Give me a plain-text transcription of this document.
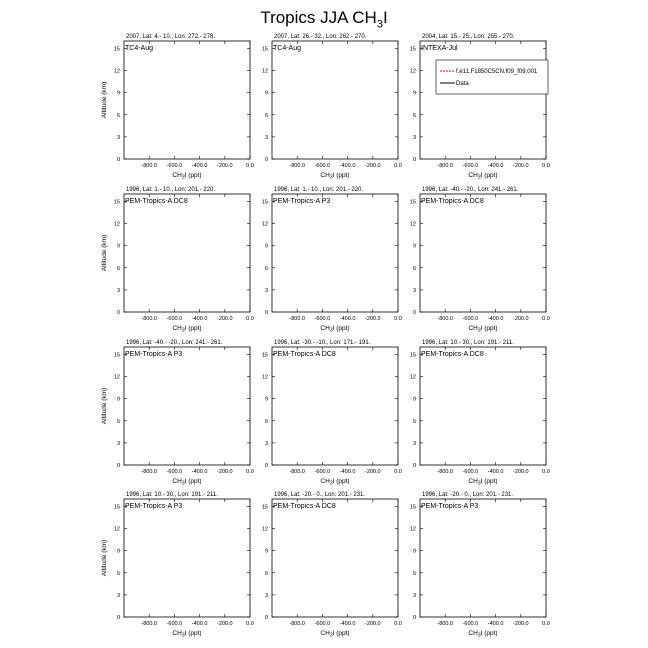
Tropics JJA $CH_3I$
2007, Lat: 4.- 10., Lon: 272.- 278.
TC4-Aug
-800.0 -600.0 -400.0 -200.0 0.0
0
3
6
9
12
15
$CH_3I$ (ppt)
Altitude (km)
2007, Lat: 26.- 32., Lon: 262.- 270.
TC4-Aug
-800.0 -600.0 -400.0 -200.0 0.0
0
3
6
9
12
15
$CH_3I$ (ppt)
2004, Lat: 15.- 25., Lon: 255.- 270.
INTEXA-Jul
-800.0 -600.0 -400.0 -200.0 0.0
0
3
6
9
12
15
$CH_3I$ (ppt)
f.e11.F1850C5CN.f09_f09.001
Data
1996, Lat: 1.- 10., Lon: 201.- 220.
PEM-Tropics-A DC8
-800.0 -600.0 -400.0 -200.0 0.0
0
3
6
9
12
15
$CH_3I$ (ppt)
Altitude (km)
1996, Lat: 1.- 10., Lon: 201.- 220.
PEM-Tropics-A P3
-800.0 -600.0 -400.0 -200.0 0.0
0
3
6
9
12
15
$CH_3I$ (ppt)
1996, Lat: -40.- -20., Lon: 241.- 261.
PEM-Tropics-A DC8
-800.0 -600.0 -400.0 -200.0 0.0
0
3
6
9
12
15
$CH_3I$ (ppt)
1996, Lat: -40.- -20., Lon: 241.- 261.
PEM-Tropics-A P3
-800.0 -600.0 -400.0 -200.0 0.0
0
3
6
9
12
15
$CH_3I$ (ppt)
Altitude (km)
1996, Lat: -30.- -10., Lon: 171.- 191.
PEM-Tropics-A DC8
-800.0 -600.0 -400.0 -200.0 0.0
0
3
6
9
12
15
$CH_3I$ (ppt)
1996, Lat: 10.- 30., Lon: 191.- 211.
PEM-Tropics-A DC8
-800.0 -600.0 -400.0 -200.0 0.0
0
3
6
9
12
15
$CH_3I$ (ppt)
1996, Lat: 10.- 30., Lon: 191.- 211.
PEM-Tropics-A P3
-800.0 -600.0 -400.0 -200.0 0.0
0
3
6
9
12
15
$CH_3I$ (ppt)
Altitude (km)
1996, Lat: -20.- 0., Lon: 201.- 231.
PEM-Tropics-A DC8
-800.0 -600.0 -400.0 -200.0 0.0
0
3
6
9
12
15
$CH_3I$ (ppt)
1996, Lat: -20.- 0., Lon: 201.- 231.
PEM-Tropics-A P3
-800.0 -600.0 -400.0 -200.0 0.0
0
3
6
9
12
15
$CH_3I$ (ppt)
